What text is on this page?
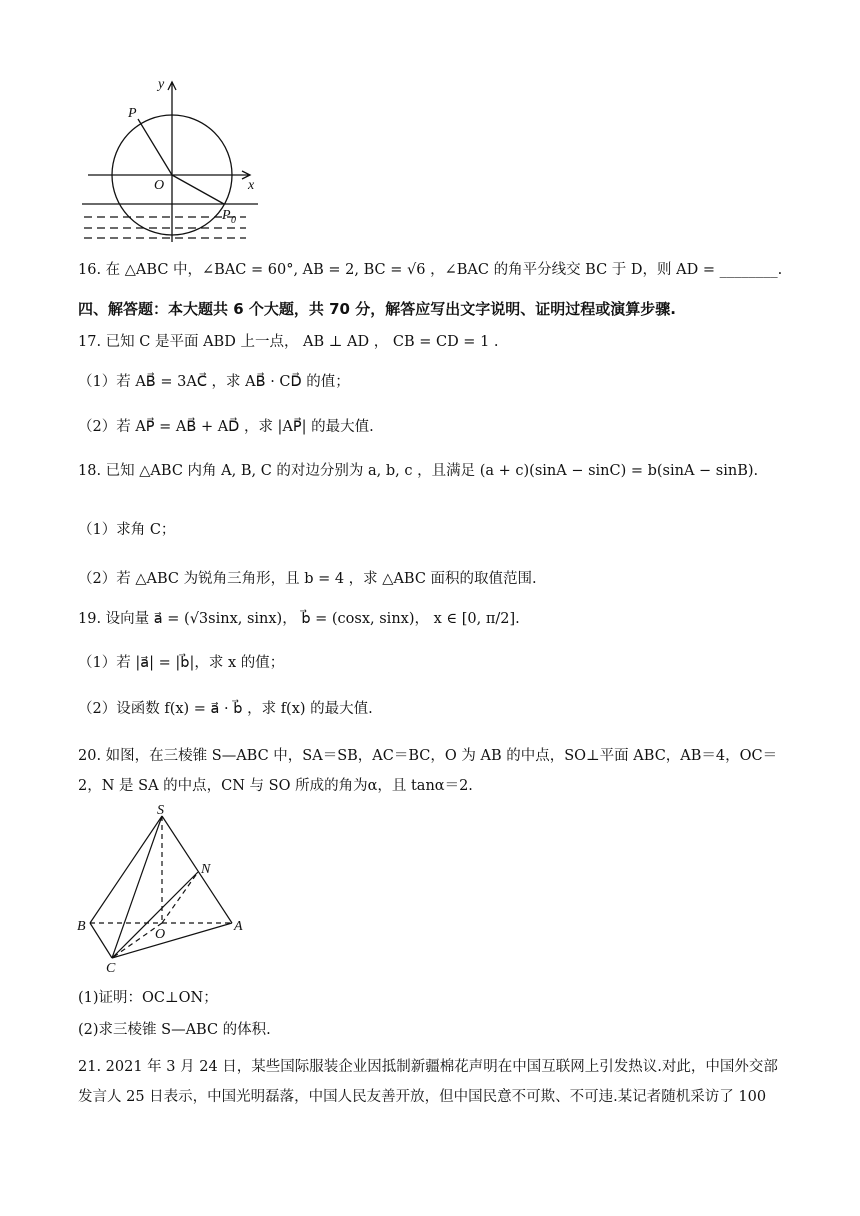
y
x
P
O
P 0
16. 在 △ABC 中，∠BAC = 60°, AB = 2, BC = √6 ，∠BAC 的角平分线交 BC 于 D，则 AD = ________.
四、解答题：本大题共 6 个大题，共 70 分，解答应写出文字说明、证明过程或演算步骤.
17. 已知 C 是平面 ABD 上一点， AB ⊥ AD ， CB = CD = 1 .
（1）若 AB⃗ = 3AC⃗ ，求 AB⃗ · CD⃗ 的值；
（2）若 AP⃗ = AB⃗ + AD⃗ ，求 |AP⃗| 的最大值.
18. 已知 △ABC 内角 A, B, C 的对边分别为 a, b, c ，且满足 (a + c)(sinA − sinC) = b(sinA − sinB).
（1）求角 C；
（2）若 △ABC 为锐角三角形，且 b = 4 ，求 △ABC 面积的取值范围.
19. 设向量 a⃗ = (√3sinx, sinx)， b⃗ = (cosx, sinx)， x ∈ [0, π/2].
（1）若 |a⃗| = |b⃗|，求 x 的值；
（2）设函数 f(x) = a⃗ · b⃗ ，求 f(x) 的最大值.
20. 如图，在三棱锥 S—ABC 中，SA＝SB，AC＝BC，O 为 AB 的中点，SO⊥平面 ABC，AB＝4，OC＝2，N 是 SA 的中点，CN 与 SO 所成的角为α，且 tanα＝2.
S
N
B
O
A
C
(1)证明：OC⊥ON；
(2)求三棱锥 S—ABC 的体积.
21. 2021 年 3 月 24 日，某些国际服装企业因抵制新疆棉花声明在中国互联网上引发热议.对此，中国外交部发言人 25 日表示，中国光明磊落，中国人民友善开放，但中国民意不可欺、不可违.某记者随机采访了 100
